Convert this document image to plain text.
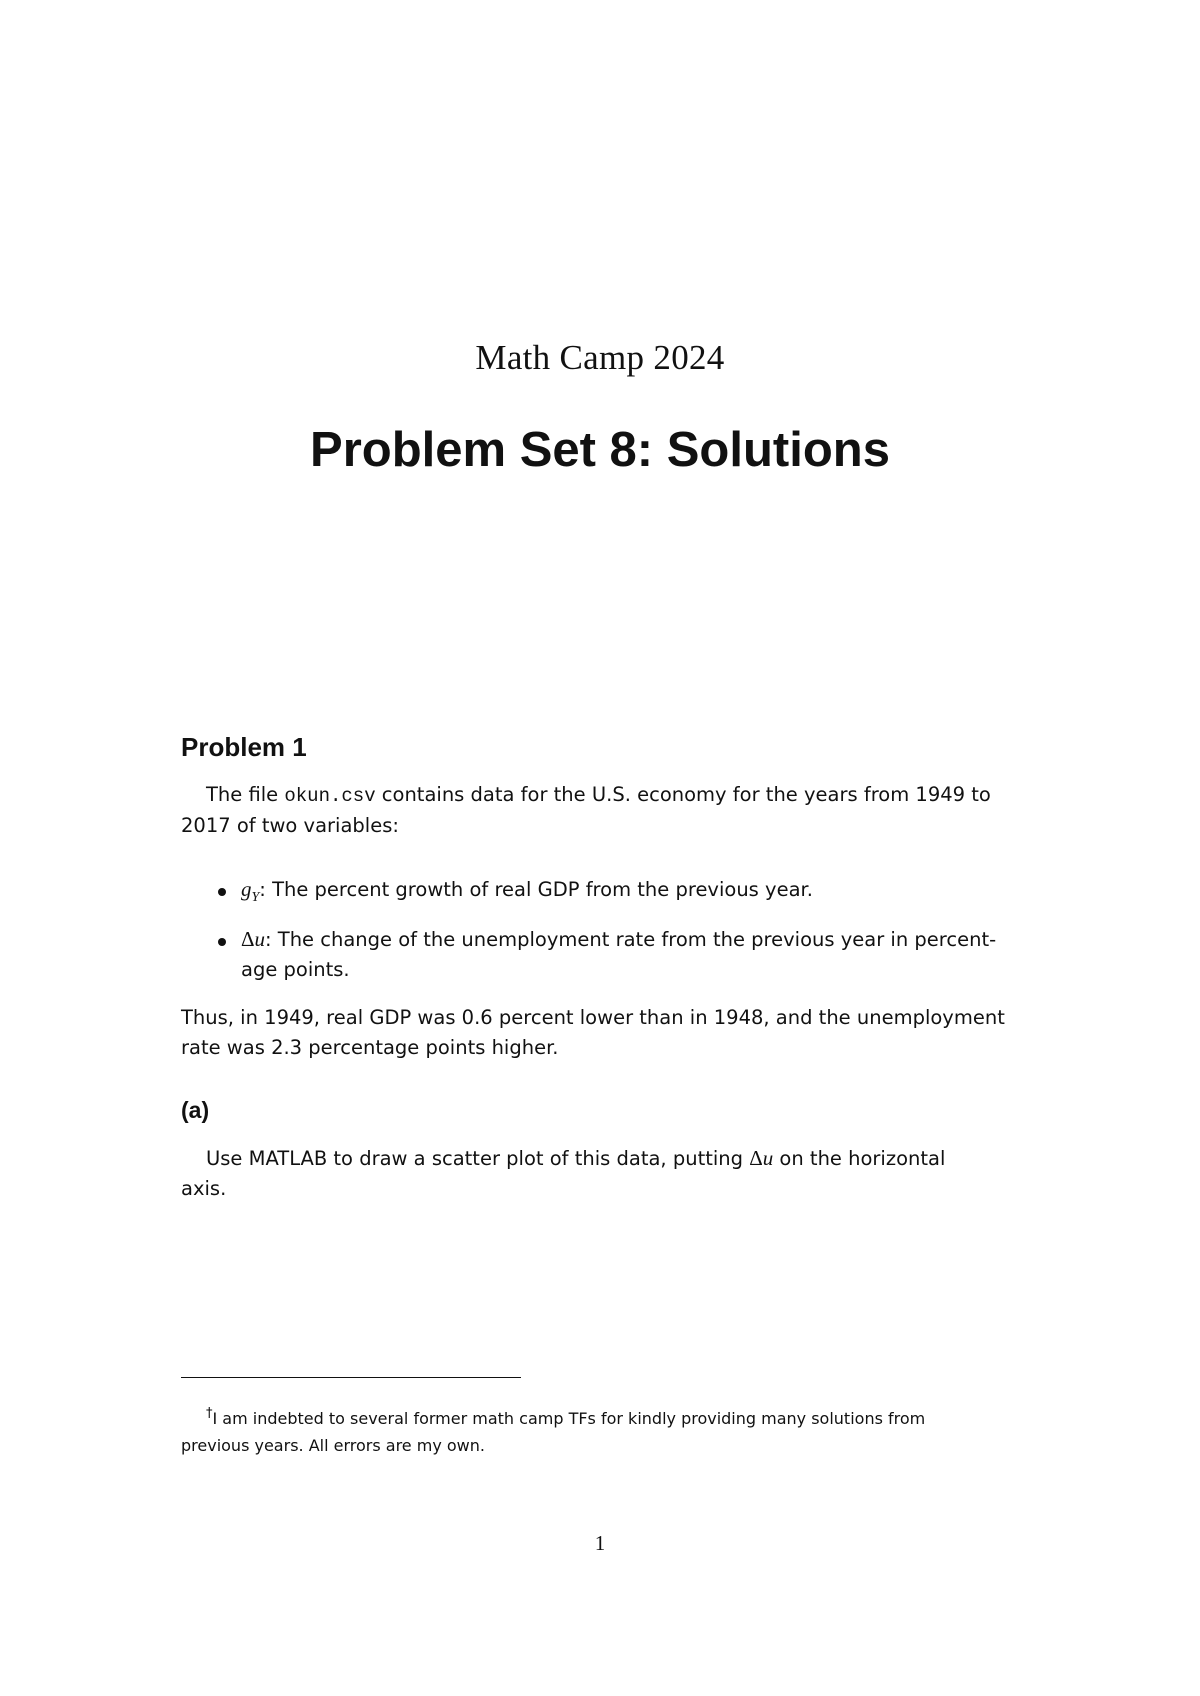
Math Camp 2024
Problem Set 8: Solutions
Problem 1
The file okun.csv contains data for the U.S. economy for the years from 1949 to
2017 of two variables:
$g_Y$: The percent growth of real GDP from the previous year.
Δu: The change of the unemployment rate from the previous year in percent-
age points.
Thus, in 1949, real GDP was 0.6 percent lower than in 1948, and the unemployment
rate was 2.3 percentage points higher.
(a)
Use MATLAB to draw a scatter plot of this data, putting Δu on the horizontal
axis.
†I am indebted to several former math camp TFs for kindly providing many solutions from
previous years. All errors are my own.
1
